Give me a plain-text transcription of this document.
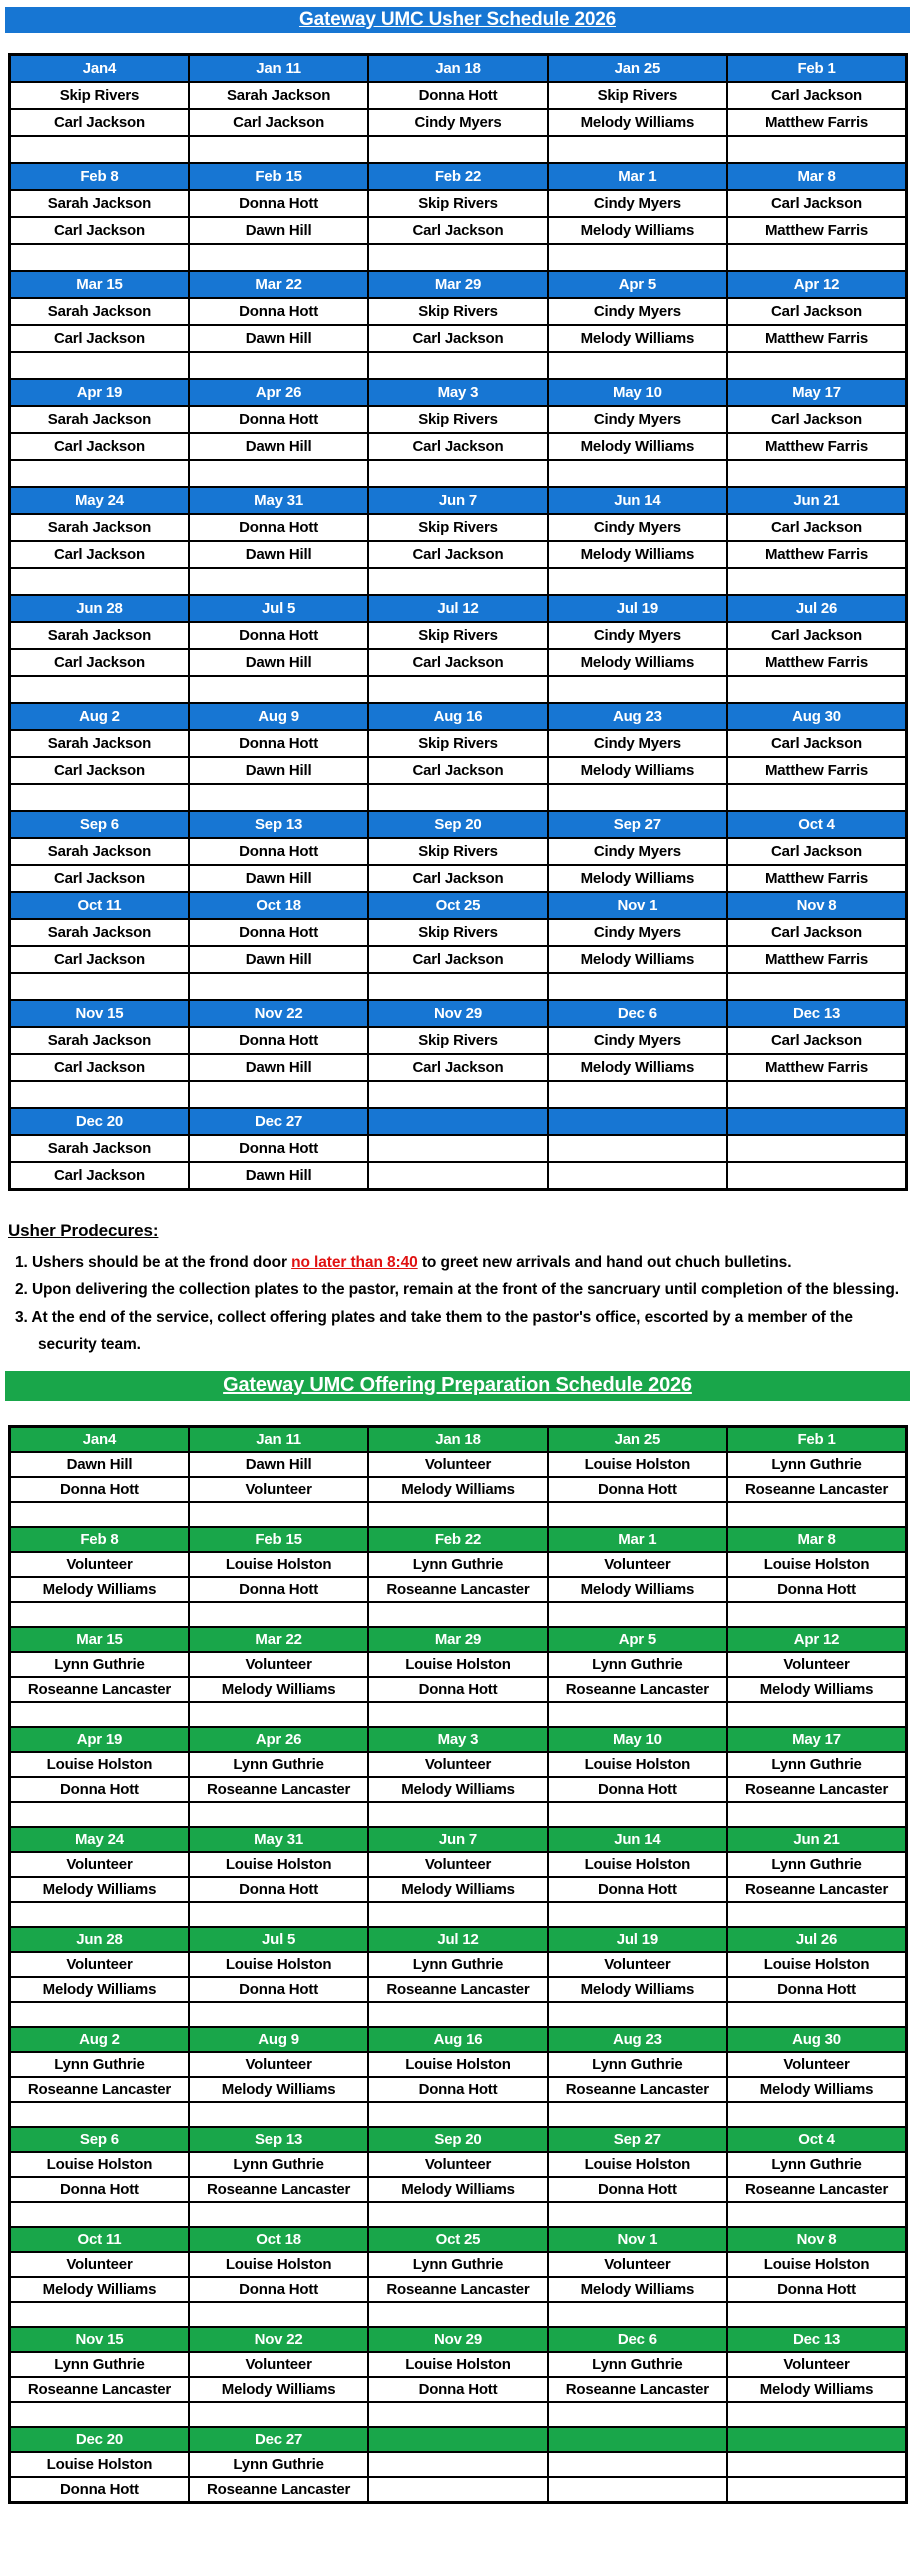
Gateway UMC Usher Schedule 2026
Jan4	Jan 11	Jan 18	Jan 25	Feb 1
Skip Rivers	Sarah Jackson	Donna Hott	Skip Rivers	Carl Jackson
Carl Jackson	Carl Jackson	Cindy Myers	Melody Williams	Matthew Farris

Feb 8	Feb 15	Feb 22	Mar 1	Mar 8
Sarah Jackson	Donna Hott	Skip Rivers	Cindy Myers	Carl Jackson
Carl Jackson	Dawn Hill	Carl Jackson	Melody Williams	Matthew Farris

Mar 15	Mar 22	Mar 29	Apr 5	Apr 12
Sarah Jackson	Donna Hott	Skip Rivers	Cindy Myers	Carl Jackson
Carl Jackson	Dawn Hill	Carl Jackson	Melody Williams	Matthew Farris

Apr 19	Apr 26	May 3	May 10	May 17
Sarah Jackson	Donna Hott	Skip Rivers	Cindy Myers	Carl Jackson
Carl Jackson	Dawn Hill	Carl Jackson	Melody Williams	Matthew Farris

May 24	May 31	Jun 7	Jun 14	Jun 21
Sarah Jackson	Donna Hott	Skip Rivers	Cindy Myers	Carl Jackson
Carl Jackson	Dawn Hill	Carl Jackson	Melody Williams	Matthew Farris

Jun 28	Jul 5	Jul 12	Jul 19	Jul 26
Sarah Jackson	Donna Hott	Skip Rivers	Cindy Myers	Carl Jackson
Carl Jackson	Dawn Hill	Carl Jackson	Melody Williams	Matthew Farris

Aug 2	Aug 9	Aug 16	Aug 23	Aug 30
Sarah Jackson	Donna Hott	Skip Rivers	Cindy Myers	Carl Jackson
Carl Jackson	Dawn Hill	Carl Jackson	Melody Williams	Matthew Farris

Sep 6	Sep 13	Sep 20	Sep 27	Oct 4
Sarah Jackson	Donna Hott	Skip Rivers	Cindy Myers	Carl Jackson
Carl Jackson	Dawn Hill	Carl Jackson	Melody Williams	Matthew Farris
Oct 11	Oct 18	Oct 25	Nov 1	Nov 8
Sarah Jackson	Donna Hott	Skip Rivers	Cindy Myers	Carl Jackson
Carl Jackson	Dawn Hill	Carl Jackson	Melody Williams	Matthew Farris

Nov 15	Nov 22	Nov 29	Dec 6	Dec 13
Sarah Jackson	Donna Hott	Skip Rivers	Cindy Myers	Carl Jackson
Carl Jackson	Dawn Hill	Carl Jackson	Melody Williams	Matthew Farris

Dec 20	Dec 27			
Sarah Jackson	Donna Hott			
Carl Jackson	Dawn Hill			
Usher Prodecures:
1. Ushers should be at the frond door no later than 8:40 to greet new arrivals and hand out chuch bulletins.
2. Upon delivering the collection plates to the pastor, remain at the front of the sancruary until completion of the blessing.
3. At the end of the service, collect offering plates and take them to the pastor's office, escorted by a member of the security team.
Gateway UMC Offering Preparation Schedule 2026
Jan4	Jan 11	Jan 18	Jan 25	Feb 1
Dawn Hill	Dawn Hill	Volunteer	Louise Holston	Lynn Guthrie
Donna Hott	Volunteer	Melody Williams	Donna Hott	Roseanne Lancaster

Feb 8	Feb 15	Feb 22	Mar 1	Mar 8
Volunteer	Louise Holston	Lynn Guthrie	Volunteer	Louise Holston
Melody Williams	Donna Hott	Roseanne Lancaster	Melody Williams	Donna Hott

Mar 15	Mar 22	Mar 29	Apr 5	Apr 12
Lynn Guthrie	Volunteer	Louise Holston	Lynn Guthrie	Volunteer
Roseanne Lancaster	Melody Williams	Donna Hott	Roseanne Lancaster	Melody Williams

Apr 19	Apr 26	May 3	May 10	May 17
Louise Holston	Lynn Guthrie	Volunteer	Louise Holston	Lynn Guthrie
Donna Hott	Roseanne Lancaster	Melody Williams	Donna Hott	Roseanne Lancaster

May 24	May 31	Jun 7	Jun 14	Jun 21
Volunteer	Louise Holston	Volunteer	Louise Holston	Lynn Guthrie
Melody Williams	Donna Hott	Melody Williams	Donna Hott	Roseanne Lancaster

Jun 28	Jul 5	Jul 12	Jul 19	Jul 26
Volunteer	Louise Holston	Lynn Guthrie	Volunteer	Louise Holston
Melody Williams	Donna Hott	Roseanne Lancaster	Melody Williams	Donna Hott

Aug 2	Aug 9	Aug 16	Aug 23	Aug 30
Lynn Guthrie	Volunteer	Louise Holston	Lynn Guthrie	Volunteer
Roseanne Lancaster	Melody Williams	Donna Hott	Roseanne Lancaster	Melody Williams

Sep 6	Sep 13	Sep 20	Sep 27	Oct 4
Louise Holston	Lynn Guthrie	Volunteer	Louise Holston	Lynn Guthrie
Donna Hott	Roseanne Lancaster	Melody Williams	Donna Hott	Roseanne Lancaster

Oct 11	Oct 18	Oct 25	Nov 1	Nov 8
Volunteer	Louise Holston	Lynn Guthrie	Volunteer	Louise Holston
Melody Williams	Donna Hott	Roseanne Lancaster	Melody Williams	Donna Hott

Nov 15	Nov 22	Nov 29	Dec 6	Dec 13
Lynn Guthrie	Volunteer	Louise Holston	Lynn Guthrie	Volunteer
Roseanne Lancaster	Melody Williams	Donna Hott	Roseanne Lancaster	Melody Williams

Dec 20	Dec 27			
Louise Holston	Lynn Guthrie			
Donna Hott	Roseanne Lancaster			
